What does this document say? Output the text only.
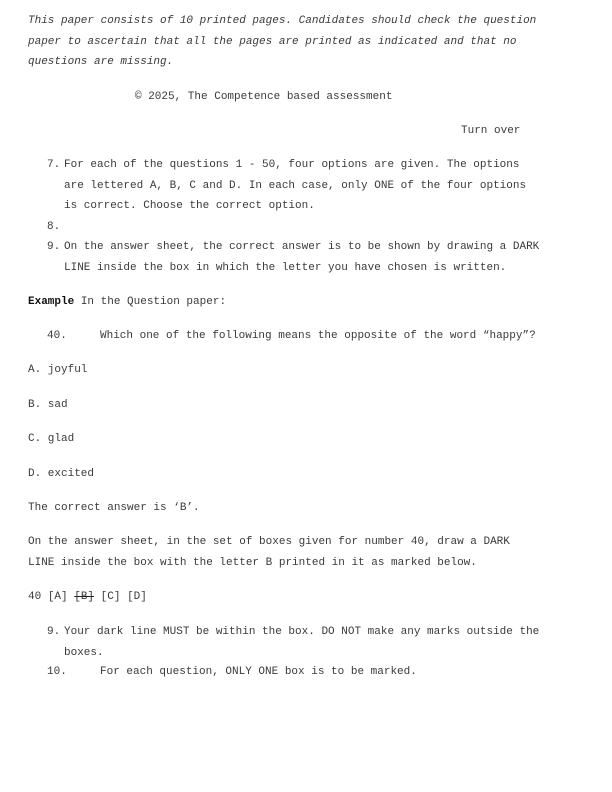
This paper consists of 10 printed pages. Candidates should check the question
paper to ascertain that all the pages are printed as indicated and that no
questions are missing.
© 2025, The Competence based assessment
Turn over
7. For each of the questions 1 - 50, four options are given. The options
are lettered A, B, C and D. In each case, only ONE of the four options
is correct. Choose the correct option.
8.
9. On the answer sheet, the correct answer is to be shown by drawing a DARK
LINE inside the box in which the letter you have chosen is written.
Example In the Question paper:
40.	Which one of the following means the opposite of the word “happy”?
A. joyful
B. sad
C. glad
D. excited
The correct answer is ‘B’.
On the answer sheet, in the set of boxes given for number 40, draw a DARK
LINE inside the box with the letter B printed in it as marked below.
40 [A] [B] [C] [D]
9. Your dark line MUST be within the box. DO NOT make any marks outside the
boxes.
10.	For each question, ONLY ONE box is to be marked.
